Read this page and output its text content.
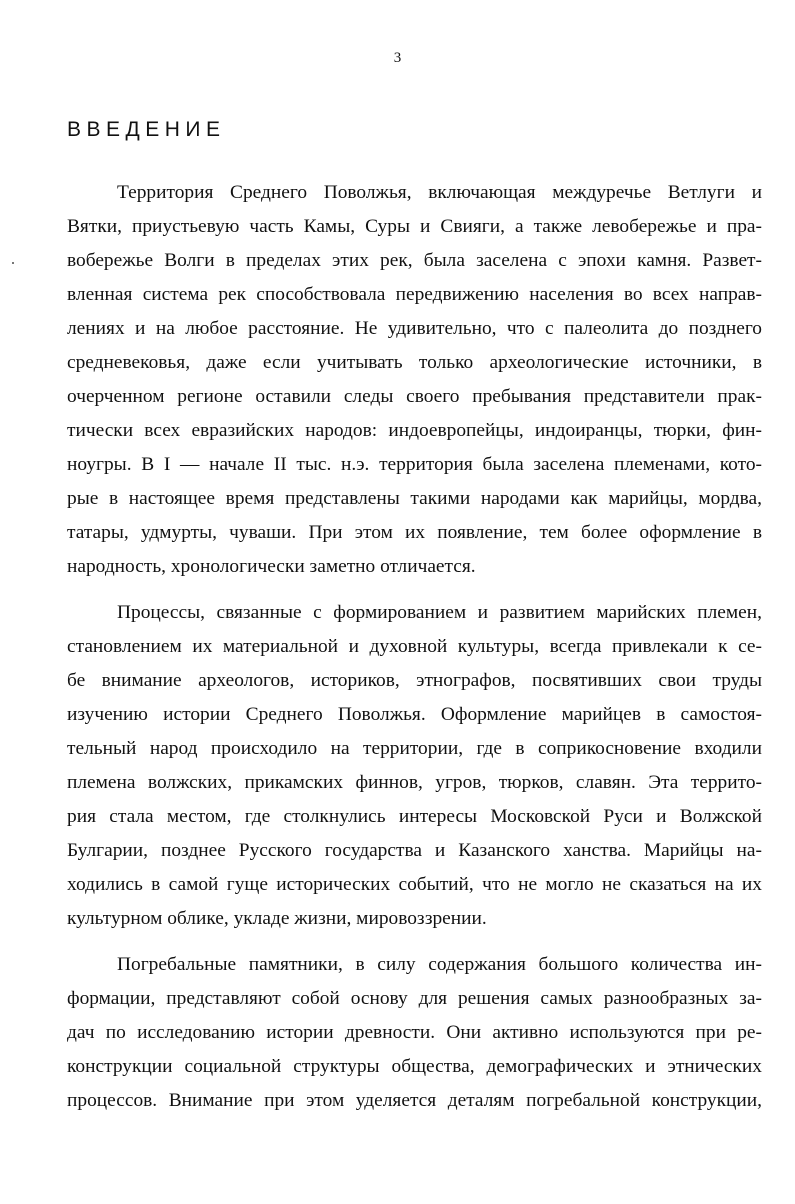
3
ВВЕДЕНИЕ
Территория Среднего Поволжья, включающая междуречье Ветлуги и
Вятки, приустьевую часть Камы, Суры и Свияги, а также левобережье и пра-
вобережье Волги в пределах этих рек, была заселена с эпохи камня. Развет-
вленная система рек способствовала передвижению населения во всех направ-
лениях и на любое расстояние. Не удивительно, что с палеолита до позднего
средневековья, даже если учитывать только археологические источники, в
очерченном регионе оставили следы своего пребывания представители прак-
тически всех евразийских народов: индоевропейцы, индоиранцы, тюрки, фин-
ноугры. В I — начале II тыс. н.э. территория была заселена племенами, кото-
рые в настоящее время представлены такими народами как марийцы, мордва,
татары, удмурты, чуваши. При этом их появление, тем более оформление в
народность, хронологически заметно отличается.
Процессы, связанные с формированием и развитием марийских племен,
становлением их материальной и духовной культуры, всегда привлекали к се-
бе внимание археологов, историков, этнографов, посвятивших свои труды
изучению истории Среднего Поволжья. Оформление марийцев в самостоя-
тельный народ происходило на территории, где в соприкосновение входили
племена волжских, прикамских финнов, угров, тюрков, славян. Эта террито-
рия стала местом, где столкнулись интересы Московской Руси и Волжской
Булгарии, позднее Русского государства и Казанского ханства. Марийцы на-
ходились в самой гуще исторических событий, что не могло не сказаться на их
культурном облике, укладе жизни, мировоззрении.
Погребальные памятники, в силу содержания большого количества ин-
формации, представляют собой основу для решения самых разнообразных за-
дач по исследованию истории древности. Они активно используются при ре-
конструкции социальной структуры общества, демографических и этнических
процессов. Внимание при этом уделяется деталям погребальной конструкции,
